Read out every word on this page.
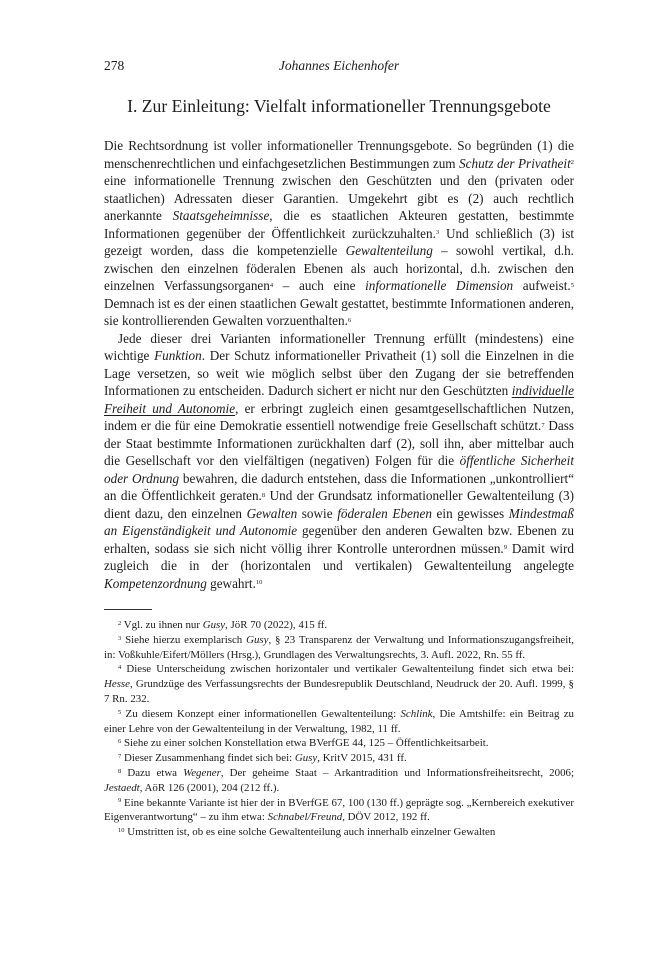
278	Johannes Eichenhofer
I. Zur Einleitung: Vielfalt informationeller Trennungsgebote

Die Rechtsordnung ist voller informationeller Trennungsgebote. So begründen (1) die menschenrechtlichen und einfachgesetzlichen Bestimmungen zum Schutz der Privatheit$^2$ eine informationelle Trennung zwischen den Geschützten und den (privaten oder staatlichen) Adressaten dieser Garantien. Umgekehrt gibt es (2) auch rechtlich anerkannte Staatsgeheimnisse, die es staatlichen Akteuren gestatten, bestimmte Informationen gegenüber der Öffentlichkeit zurückzuhalten.$^3$ Und schließlich (3) ist gezeigt worden, dass die kompetenzielle Gewaltenteilung – sowohl vertikal, d.h. zwischen den einzelnen föderalen Ebenen als auch horizontal, d.h. zwischen den einzelnen Verfassungsorganen$^4$ – auch eine informationelle Dimension aufweist.$^5$ Demnach ist es der einen staatlichen Gewalt gestattet, bestimmte Informationen anderen, sie kontrollierenden Gewalten vorzuenthalten.$^6$

Jede dieser drei Varianten informationeller Trennung erfüllt (mindestens) eine wichtige Funktion. Der Schutz informationeller Privatheit (1) soll die Einzelnen in die Lage versetzen, so weit wie möglich selbst über den Zugang der sie betreffenden Informationen zu entscheiden. Dadurch sichert er nicht nur den Geschützten individuelle Freiheit und Autonomie, er erbringt zugleich einen gesamtgesellschaftlichen Nutzen, indem er die für eine Demokratie essentiell notwendige freie Gesellschaft schützt.$^7$ Dass der Staat bestimmte Informationen zurückhalten darf (2), soll ihn, aber mittelbar auch die Gesellschaft vor den vielfältigen (negativen) Folgen für die öffentliche Sicherheit oder Ordnung bewahren, die dadurch entstehen, dass die Informationen „unkontrolliert“ an die Öffentlichkeit geraten.$^8$ Und der Grundsatz informationeller Gewaltenteilung (3) dient dazu, den einzelnen Gewalten sowie föderalen Ebenen ein gewisses Mindestmaß an Eigenständigkeit und Autonomie gegenüber den anderen Gewalten bzw. Ebenen zu erhalten, sodass sie sich nicht völlig ihrer Kontrolle unterordnen müssen.$^9$ Damit wird zugleich die in der (horizontalen und vertikalen) Gewaltenteilung angelegte Kompetenzordnung gewahrt.$^{10}$

$^2$ Vgl. zu ihnen nur Gusy, JöR 70 (2022), 415 ff.

$^3$ Siehe hierzu exemplarisch Gusy, § 23 Transparenz der Verwaltung und Informationszugangsfreiheit, in: Voßkuhle/Eifert/Möllers (Hrsg.), Grundlagen des Verwaltungsrechts, 3. Aufl. 2022, Rn. 55 ff.

$^4$ Diese Unterscheidung zwischen horizontaler und vertikaler Gewaltenteilung findet sich etwa bei: Hesse, Grundzüge des Verfassungsrechts der Bundesrepublik Deutschland, Neudruck der 20. Aufl. 1999, § 7 Rn. 232.

$^5$ Zu diesem Konzept einer informationellen Gewaltenteilung: Schlink, Die Amtshilfe: ein Beitrag zu einer Lehre von der Gewaltenteilung in der Verwaltung, 1982, 11 ff.

$^6$ Siehe zu einer solchen Konstellation etwa BVerfGE 44, 125 – Öffentlichkeitsarbeit.

$^7$ Dieser Zusammenhang findet sich bei: Gusy, KritV 2015, 431 ff.

$^8$ Dazu etwa Wegener, Der geheime Staat – Arkantradition und Informationsfreiheitsrecht, 2006; Jestaedt, AöR 126 (2001), 204 (212 ff.).

$^9$ Eine bekannte Variante ist hier der in BVerfGE 67, 100 (130 ff.) geprägte sog. „Kernbereich exekutiver Eigenverantwortung“ – zu ihm etwa: Schnabel/Freund, DÖV 2012, 192 ff.

$^{10}$ Umstritten ist, ob es eine solche Gewaltenteilung auch innerhalb einzelner Gewalten
